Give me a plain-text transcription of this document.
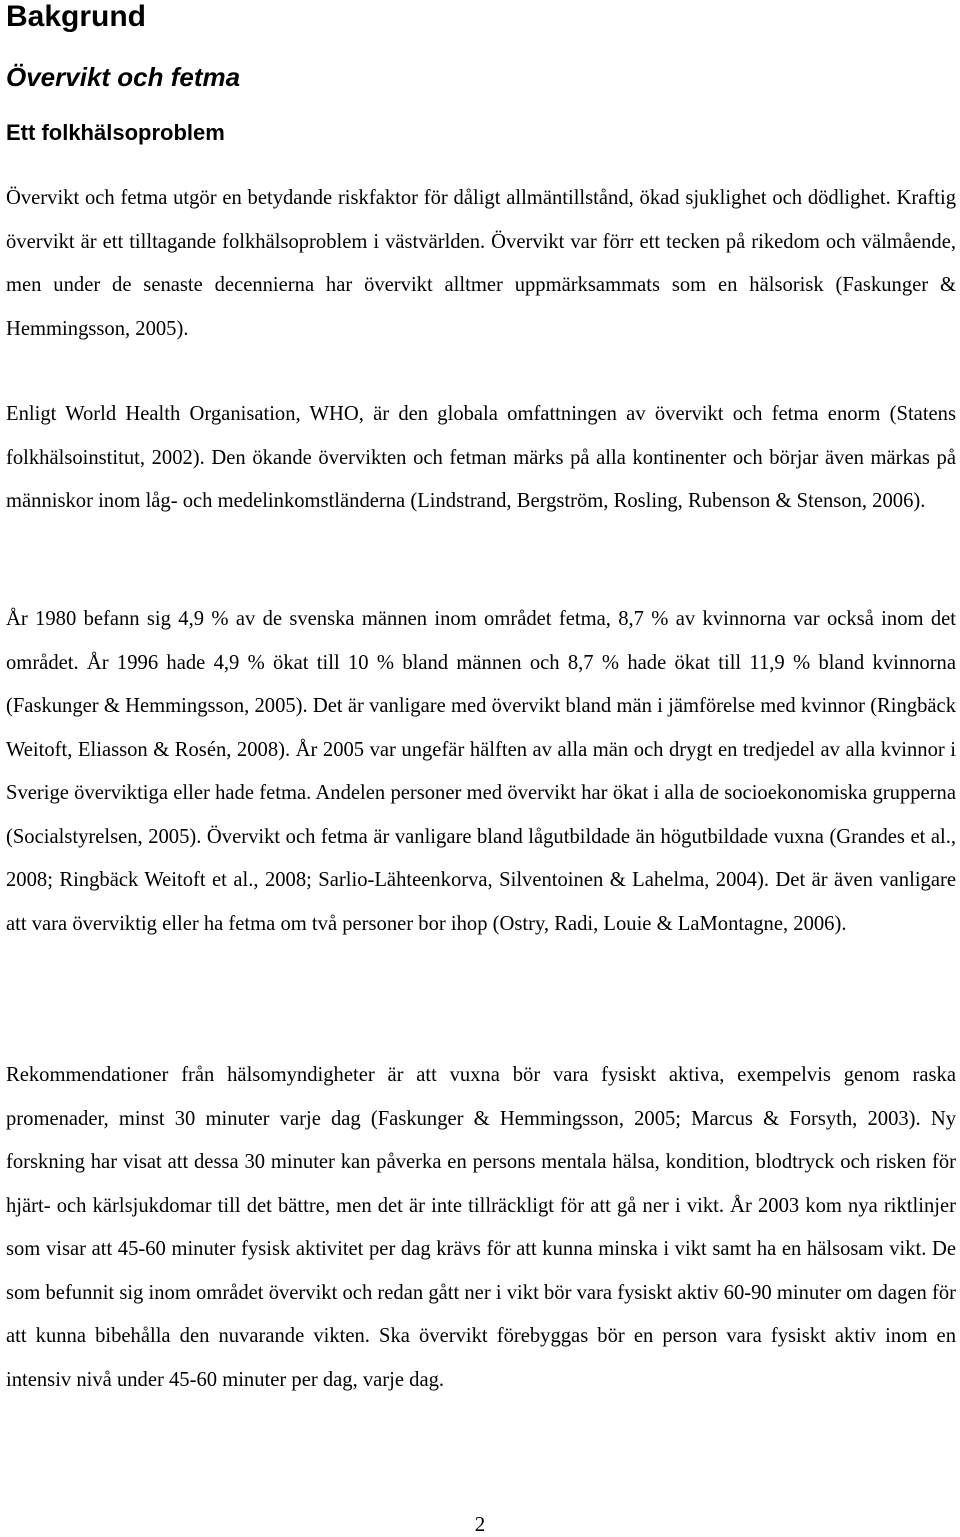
Bakgrund
Övervikt och fetma
Ett folkhälsoproblem

Övervikt och fetma utgör en betydande riskfaktor för dåligt allmäntillstånd, ökad sjuklighet och dödlighet. Kraftig övervikt är ett tilltagande folkhälsoproblem i västvärlden. Övervikt var förr ett tecken på rikedom och välmående, men under de senaste decennierna har övervikt alltmer uppmärksammats som en hälsorisk (Faskunger & Hemmingsson, 2005).

Enligt World Health Organisation, WHO, är den globala omfattningen av övervikt och fetma enorm (Statens folkhälsoinstitut, 2002). Den ökande övervikten och fetman märks på alla kontinenter och börjar även märkas på människor inom låg- och medelinkomstländerna (Lindstrand, Bergström, Rosling, Rubenson & Stenson, 2006).

År 1980 befann sig 4,9 % av de svenska männen inom området fetma, 8,7 % av kvinnorna var också inom det området. År 1996 hade 4,9 % ökat till 10 % bland männen och 8,7 % hade ökat till 11,9 % bland kvinnorna (Faskunger & Hemmingsson, 2005). Det är vanligare med övervikt bland män i jämförelse med kvinnor (Ringbäck Weitoft, Eliasson & Rosén, 2008). År 2005 var ungefär hälften av alla män och drygt en tredjedel av alla kvinnor i Sverige överviktiga eller hade fetma. Andelen personer med övervikt har ökat i alla de socioekonomiska grupperna (Socialstyrelsen, 2005). Övervikt och fetma är vanligare bland lågutbildade än högutbildade vuxna (Grandes et al., 2008; Ringbäck Weitoft et al., 2008; Sarlio-Lähteenkorva, Silventoinen & Lahelma, 2004). Det är även vanligare att vara överviktig eller ha fetma om två personer bor ihop (Ostry, Radi, Louie & LaMontagne, 2006).

Rekommendationer från hälsomyndigheter är att vuxna bör vara fysiskt aktiva, exempelvis genom raska promenader, minst 30 minuter varje dag (Faskunger & Hemmingsson, 2005; Marcus & Forsyth, 2003). Ny forskning har visat att dessa 30 minuter kan påverka en persons mentala hälsa, kondition, blodtryck och risken för hjärt- och kärlsjukdomar till det bättre, men det är inte tillräckligt för att gå ner i vikt. År 2003 kom nya riktlinjer som visar att 45-60 minuter fysisk aktivitet per dag krävs för att kunna minska i vikt samt ha en hälsosam vikt. De som befunnit sig inom området övervikt och redan gått ner i vikt bör vara fysiskt aktiv 60-90 minuter om dagen för att kunna bibehålla den nuvarande vikten. Ska övervikt förebyggas bör en person vara fysiskt aktiv inom en intensiv nivå under 45-60 minuter per dag, varje dag.

2
